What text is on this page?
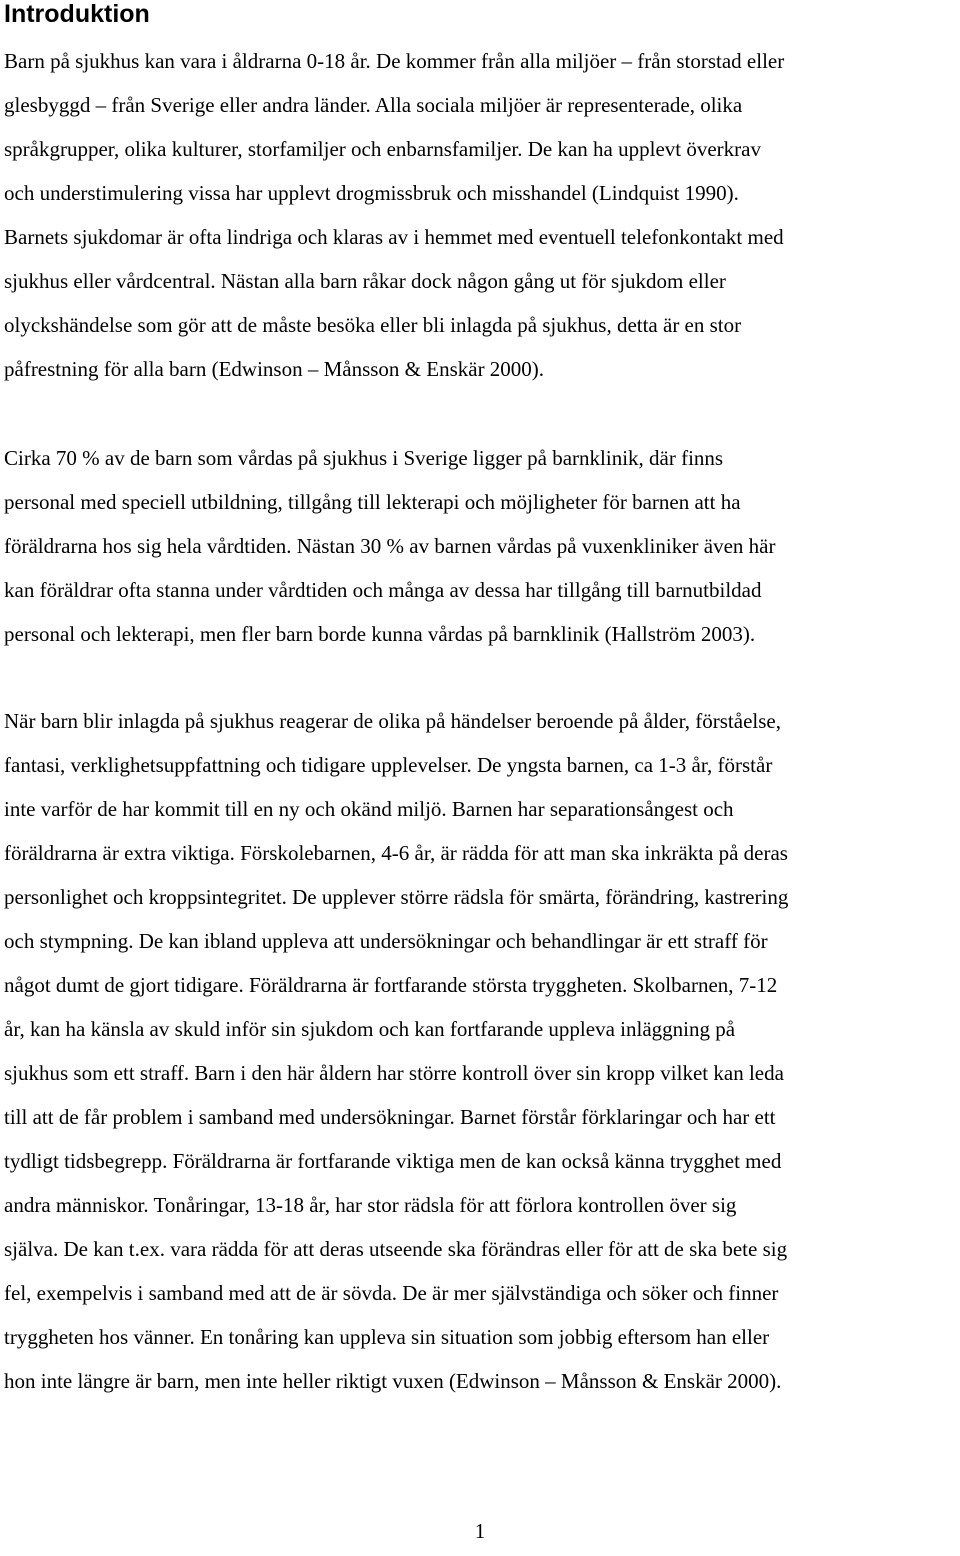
Introduktion

Barn på sjukhus kan vara i åldrarna 0-18 år. De kommer från alla miljöer – från storstad eller
glesbyggd – från Sverige eller andra länder. Alla sociala miljöer är representerade, olika
språkgrupper, olika kulturer, storfamiljer och enbarnsfamiljer. De kan ha upplevt överkrav
och understimulering vissa har upplevt drogmissbruk och misshandel (Lindquist 1990).
Barnets sjukdomar är ofta lindriga och klaras av i hemmet med eventuell telefonkontakt med
sjukhus eller vårdcentral. Nästan alla barn råkar dock någon gång ut för sjukdom eller
olyckshändelse som gör att de måste besöka eller bli inlagda på sjukhus, detta är en stor
påfrestning för alla barn (Edwinson – Månsson & Enskär 2000).

Cirka 70 % av de barn som vårdas på sjukhus i Sverige ligger på barnklinik, där finns
personal med speciell utbildning, tillgång till lekterapi och möjligheter för barnen att ha
föräldrarna hos sig hela vårdtiden. Nästan 30 % av barnen vårdas på vuxenkliniker även här
kan föräldrar ofta stanna under vårdtiden och många av dessa har tillgång till barnutbildad
personal och lekterapi, men fler barn borde kunna vårdas på barnklinik (Hallström 2003).

När barn blir inlagda på sjukhus reagerar de olika på händelser beroende på ålder, förståelse,
fantasi, verklighetsuppfattning och tidigare upplevelser. De yngsta barnen, ca 1-3 år, förstår
inte varför de har kommit till en ny och okänd miljö. Barnen har separationsångest och
föräldrarna är extra viktiga. Förskolebarnen, 4-6 år, är rädda för att man ska inkräkta på deras
personlighet och kroppsintegritet. De upplever större rädsla för smärta, förändring, kastrering
och stympning. De kan ibland uppleva att undersökningar och behandlingar är ett straff för
något dumt de gjort tidigare. Föräldrarna är fortfarande största tryggheten. Skolbarnen, 7-12
år, kan ha känsla av skuld inför sin sjukdom och kan fortfarande uppleva inläggning på
sjukhus som ett straff. Barn i den här åldern har större kontroll över sin kropp vilket kan leda
till att de får problem i samband med undersökningar. Barnet förstår förklaringar och har ett
tydligt tidsbegrepp. Föräldrarna är fortfarande viktiga men de kan också känna trygghet med
andra människor. Tonåringar, 13-18 år, har stor rädsla för att förlora kontrollen över sig
själva. De kan t.ex. vara rädda för att deras utseende ska förändras eller för att de ska bete sig
fel, exempelvis i samband med att de är sövda. De är mer självständiga och söker och finner
tryggheten hos vänner. En tonåring kan uppleva sin situation som jobbig eftersom han eller
hon inte längre är barn, men inte heller riktigt vuxen (Edwinson – Månsson & Enskär 2000).

1
